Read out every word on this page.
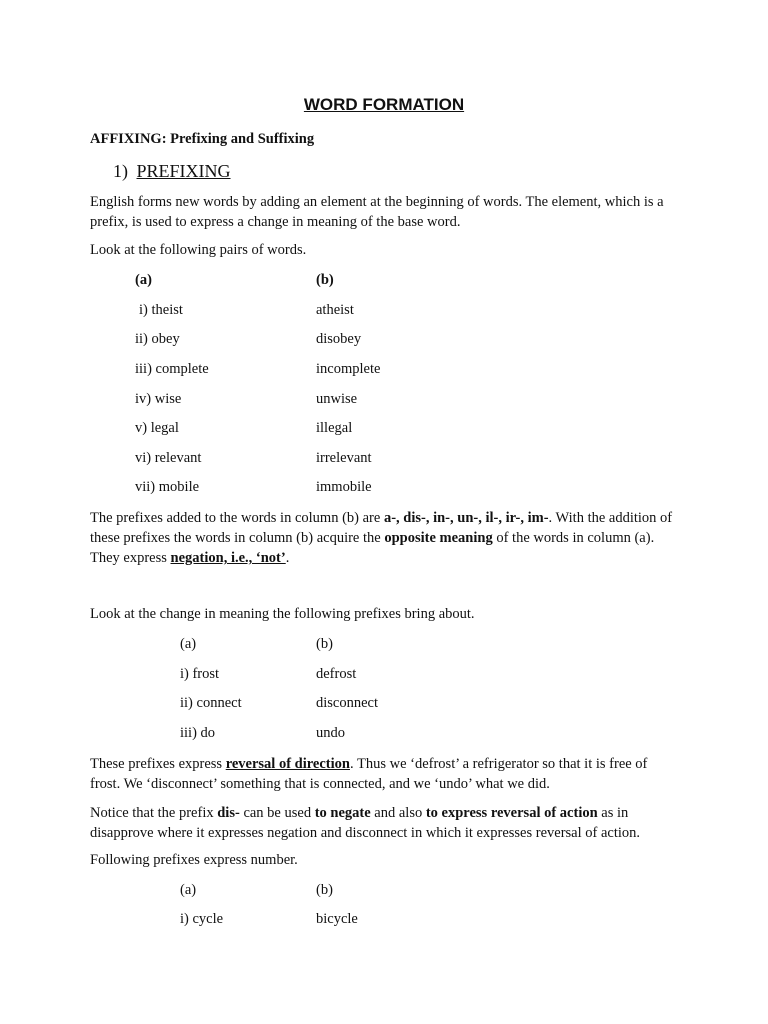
WORD FORMATION
AFFIXING: Prefixing and Suffixing
1) PREFIXING
English forms new words by adding an element at the beginning of words. The element, which is a prefix, is used to express a change in meaning of the base word.
Look at the following pairs of words.
(a)	(b)
i) theist	atheist
ii) obey	disobey
iii) complete	incomplete
iv) wise	unwise
v) legal	illegal
vi) relevant	irrelevant
vii) mobile	immobile
The prefixes added to the words in column (b) are a-, dis-, in-, un-, il-, ir-, im-. With the addition of these prefixes the words in column (b) acquire the opposite meaning of the words in column (a). They express negation, i.e., ‘not’.
Look at the change in meaning the following prefixes bring about.
(a)	(b)
i) frost	defrost
ii) connect	disconnect
iii) do	undo
These prefixes express reversal of direction. Thus we ‘defrost’ a refrigerator so that it is free of frost. We ‘disconnect’ something that is connected, and we ‘undo’ what we did.
Notice that the prefix dis- can be used to negate and also to express reversal of action as in disapprove where it expresses negation and disconnect in which it expresses reversal of action.
Following prefixes express number.
(a)	(b)
i) cycle	bicycle
